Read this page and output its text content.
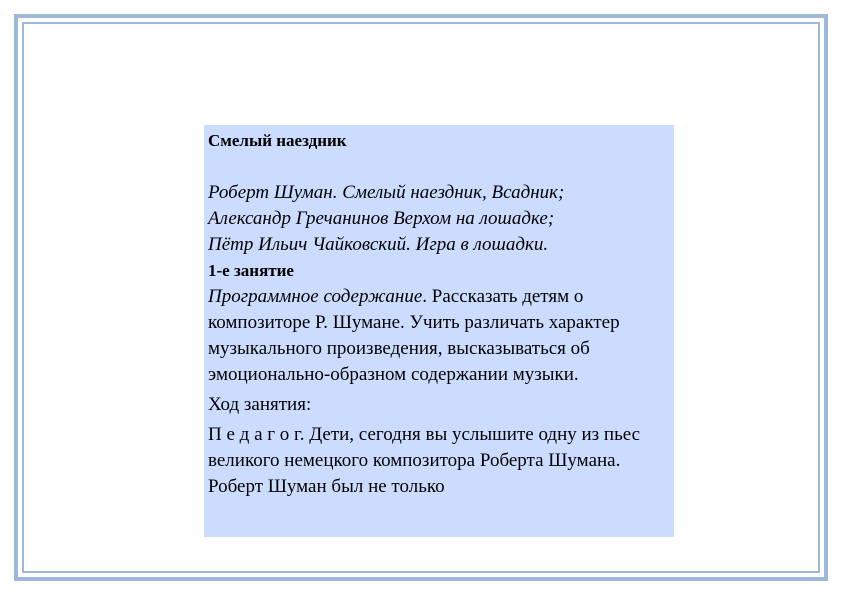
Смелый наездник

Роберт Шуман. Смелый наездник, Всадник;

Александр Гречанинов Верхом на лошадке;

Пётр Ильич Чайковский. Игра в лошадки.

1-е занятие

Программное содержание. Рассказать детям о композиторе Р. Шумане. Учить различать характер музыкального произведения, высказываться об эмоционально-образном содержании музыки.

Ход занятия:

П е д а г о г. Дети, сегодня вы услышите одну из пьес великого немецкого композитора Роберта Шумана. Роберт Шуман был не только
